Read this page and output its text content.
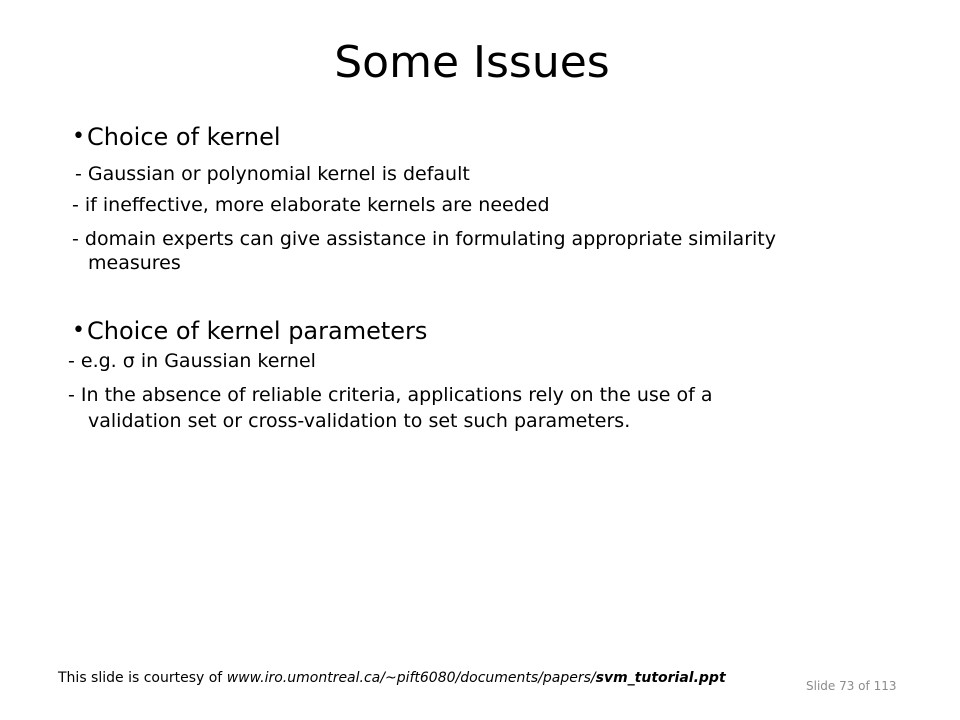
Some Issues
• Choice of kernel
- Gaussian or polynomial kernel is default
- if ineffective, more elaborate kernels are needed
- domain experts can give assistance in formulating appropriate similarity
measures
• Choice of kernel parameters
- e.g. σ in Gaussian kernel
- In the absence of reliable criteria, applications rely on the use of a
validation set or cross-validation to set such parameters.
This slide is courtesy of www.iro.umontreal.ca/~pift6080/documents/papers/svm_tutorial.ppt	Slide 73 of 113
